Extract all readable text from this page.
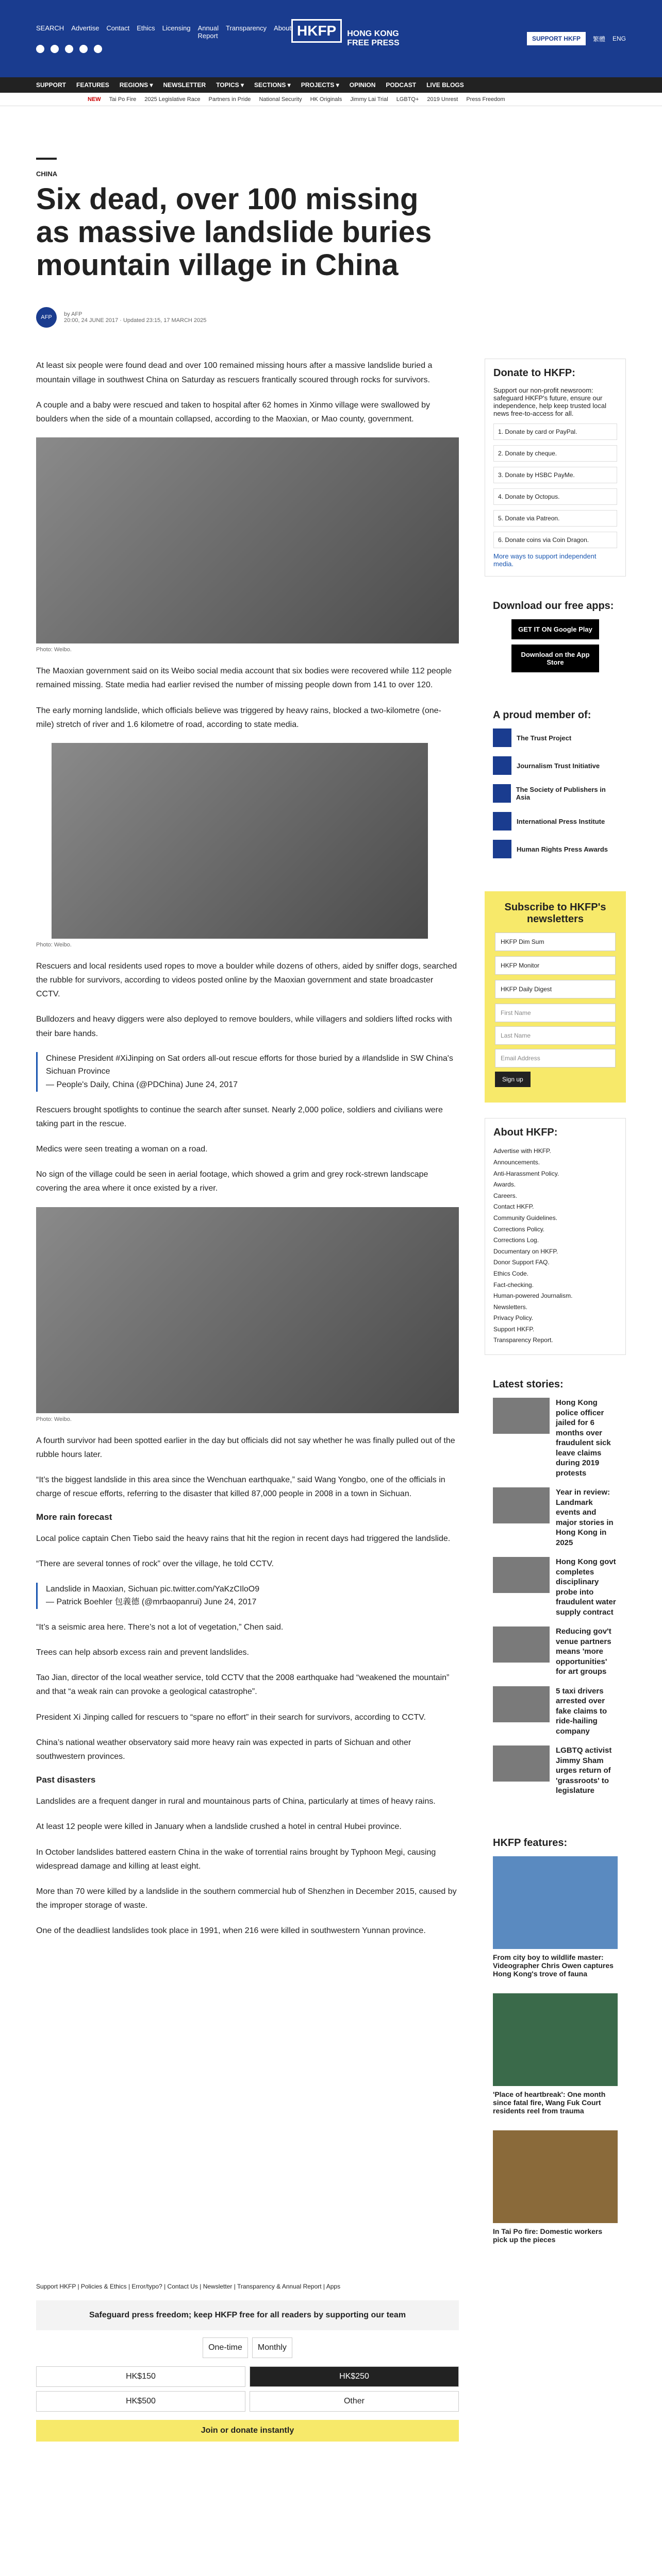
SEARCH Advertise Contact Ethics Licensing Annual Report
Transparency About HKFP	HONG KONG
FREE PRESS	SUPPORT HKFP	繁體 ENG
SUPPORT FEATURES REGIONS ▾ NEWSLETTER TOPICS ▾ SECTIONS ▾ PROJECTS ▾ OPINION PODCAST LIVE BLOGS
NEW Tai Po Fire 2025 Legislative Race Partners in Pride National Security HK Originals Jimmy Lai Trial LGBTQ+ 2019 Unrest Press Freedom
CHINA
Six dead, over 100 missing as massive landslide buries mountain village in China
AFP	by AFP
20:00, 24 JUNE 2017 · Updated 23:15, 17 MARCH 2025

At least six people were found dead and over 100 remained missing hours after a massive landslide buried a mountain village in southwest China on Saturday as rescuers frantically scoured through rocks for survivors.

A couple and a baby were rescued and taken to hospital after 62 homes in Xinmo village were swallowed by boulders when the side of a mountain collapsed, according to the Maoxian, or Mao county, government.

Photo: Weibo.

The Maoxian government said on its Weibo social media account that six bodies were recovered while 112 people remained missing. State media had earlier revised the number of missing people down from 141 to over 120.

The early morning landslide, which officials believe was triggered by heavy rains, blocked a two-kilometre (one-mile) stretch of river and 1.6 kilometre of road, according to state media.

Photo: Weibo.

Rescuers and local residents used ropes to move a boulder while dozens of others, aided by sniffer dogs, searched the rubble for survivors, according to videos posted online by the Maoxian government and state broadcaster CCTV.

Bulldozers and heavy diggers were also deployed to remove boulders, while villagers and soldiers lifted rocks with their bare hands.

Chinese President #XiJinping on Sat orders all-out rescue efforts for those buried by a #landslide in SW China's Sichuan Province
— People's Daily, China (@PDChina) June 24, 2017

Rescuers brought spotlights to continue the search after sunset. Nearly 2,000 police, soldiers and civilians were taking part in the rescue.

Medics were seen treating a woman on a road.

No sign of the village could be seen in aerial footage, which showed a grim and grey rock-strewn landscape covering the area where it once existed by a river.

Photo: Weibo.

A fourth survivor had been spotted earlier in the day but officials did not say whether he was finally pulled out of the rubble hours later.

“It’s the biggest landslide in this area since the Wenchuan earthquake,” said Wang Yongbo, one of the officials in charge of rescue efforts, referring to the disaster that killed 87,000 people in 2008 in a town in Sichuan.

More rain forecast

Local police captain Chen Tiebo said the heavy rains that hit the region in recent days had triggered the landslide.

“There are several tonnes of rock” over the village, he told CCTV.

Landslide in Maoxian, Sichuan pic.twitter.com/YaKzCIloO9
— Patrick Boehler 包義德 (@mrbaopanrui) June 24, 2017

“It’s a seismic area here. There’s not a lot of vegetation,” Chen said.

Trees can help absorb excess rain and prevent landslides.

Tao Jian, director of the local weather service, told CCTV that the 2008 earthquake had “weakened the mountain” and that “a weak rain can provoke a geological catastrophe”.

President Xi Jinping called for rescuers to “spare no effort” in their search for survivors, according to CCTV.

China’s national weather observatory said more heavy rain was expected in parts of Sichuan and other southwestern provinces.

Past disasters

Landslides are a frequent danger in rural and mountainous parts of China, particularly at times of heavy rains.

At least 12 people were killed in January when a landslide crushed a hotel in central Hubei province.

In October landslides battered eastern China in the wake of torrential rains brought by Typhoon Megi, causing widespread damage and killing at least eight.

More than 70 were killed by a landslide in the southern commercial hub of Shenzhen in December 2015, caused by the improper storage of waste.

One of the deadliest landslides took place in 1991, when 216 were killed in southwestern Yunnan province.

Donate to HKFP:

Support our non-profit newsroom: safeguard HKFP's future, ensure our independence, help keep trusted local news free-to-access for all.

1. Donate by card or PayPal.
2. Donate by cheque.
3. Donate by HSBC PayMe.
4. Donate by Octopus.
5. Donate via Patreon.
6. Donate coins via Coin Dragon.
More ways to support independent media.
Download our free apps:
GET IT ON Google Play
Download on the App Store
A proud member of:
The Trust Project
Journalism Trust Initiative
The Society of Publishers in Asia
International Press Institute
Human Rights Press Awards
Subscribe to HKFP's newsletters
HKFP Dim Sum
HKFP Monitor
HKFP Daily Digest
First Name
Last Name
Email Address
Sign up
About HKFP:
Advertise with HKFP.
Announcements.
Anti-Harassment Policy.
Awards.
Careers.
Contact HKFP.
Community Guidelines.
Corrections Policy.
Corrections Log.
Documentary on HKFP.
Donor Support FAQ.
Ethics Code.
Fact-checking.
Human-powered Journalism.
Newsletters.
Privacy Policy.
Support HKFP.
Transparency Report.
Latest stories:
Hong Kong police officer jailed for 6 months over fraudulent sick leave claims during 2019 protests
Year in review: Landmark events and major stories in Hong Kong in 2025
Hong Kong govt completes disciplinary probe into fraudulent water supply contract
Reducing gov't venue partners means 'more opportunities' for art groups
5 taxi drivers arrested over fake claims to ride-hailing company
LGBTQ activist Jimmy Sham urges return of 'grassroots' to legislature
HKFP features:
From city boy to wildlife master: Videographer Chris Owen captures Hong Kong's trove of fauna
'Place of heartbreak': One month since fatal fire, Wang Fuk Court residents reel from trauma
In Tai Po fire: Domestic workers pick up the pieces
Support HKFP | Policies & Ethics | Error/typo? | Contact Us | Newsletter | Transparency & Annual Report | Apps
Safeguard press freedom; keep HKFP free for all readers by supporting our team
One-time	Monthly
HK$150	HK$250
HK$500	Other
Join or donate instantly
